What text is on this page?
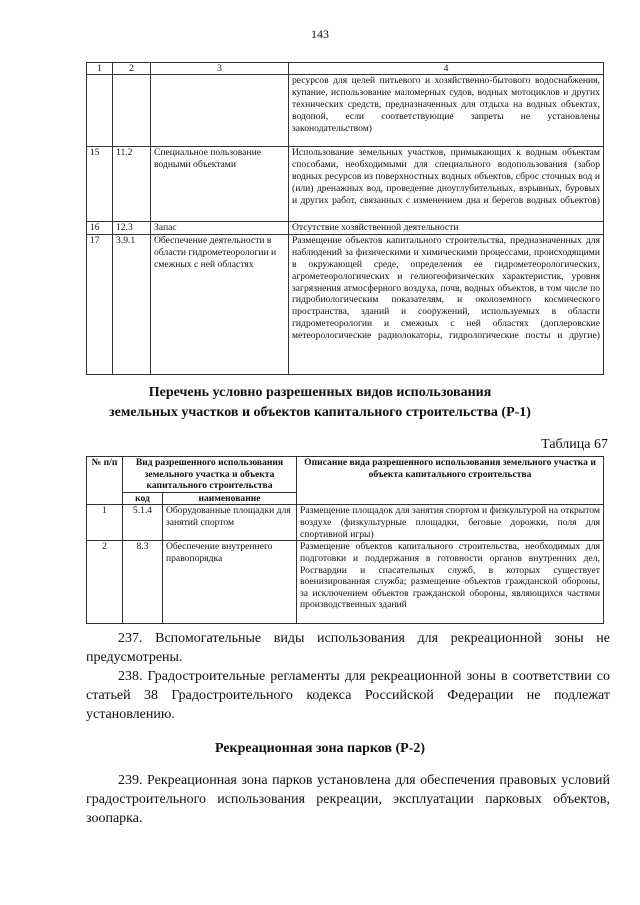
143
1	2	3	4
			ресурсов для целей питьевого и хозяйственно-бытового водоснабжения, купание, использование маломерных судов, водных мотоциклов и других технических средств, предназначенных для отдыха на водных объектах, водопой, если соответствующие запреты не установлены законодательством)
15	11.2	Специальное пользование водными объектами	Использование земельных участков, примыкающих к водным объектам способами, необходимыми для специального водопользования (забор водных ресурсов из поверхностных водных объектов, сброс сточных вод и (или) дренажных вод, проведение дноуглубительных, взрывных, буровых и других работ, связанных с изменением дна и берегов водных объектов)
16	12.3	Запас	Отсутствие хозяйственной деятельности
17	3.9.1	Обеспечение деятельности в области гидрометеорологии и смежных с ней областях	Размещение объектов капитального строительства, предназначенных для наблюдений за физическими и химическими процессами, происходящими в окружающей среде, определения ее гидрометеорологических, агрометеорологических и гелиогеофизических характеристик, уровня загрязнения атмосферного воздуха, почв, водных объектов, в том числе по гидробиологическим показателям, и околоземного космического пространства, зданий и сооружений, используемых в области гидрометеорологии и смежных с ней областях (доплеровские метеорологические радиолокаторы, гидрологические посты и другие)
Перечень условно разрешенных видов использования
земельных участков и объектов капитального строительства (Р-1)
Таблица 67
№ п/п	Вид разрешенного использования земельного участка и объекта капитального строительства		Описание вида разрешенного использования земельного участка и объекта капитального строительства
	код	наименование	
1	5.1.4	Оборудованные площадки для занятий спортом	Размещение площадок для занятия спортом и физкультурой на открытом воздухе (физкультурные площадки, беговые дорожки, поля для спортивной игры)
2	8.3	Обеспечение внутреннего правопорядка	Размещение объектов капитального строительства, необходимых для подготовки и поддержания в готовности органов внутренних дел, Росгвардии и спасательных служб, в которых существует военизированная служба; размещение объектов гражданской обороны, за исключением объектов гражданской обороны, являющихся частями производственных зданий
237. Вспомогательные виды использования для рекреационной зоны не предусмотрены.
238. Градостроительные регламенты для рекреационной зоны в соответствии со статьей 38 Градостроительного кодекса Российской Федерации не подлежат установлению.
Рекреационная зона парков (Р-2)
239. Рекреационная зона парков установлена для обеспечения правовых условий градостроительного использования рекреации, эксплуатации парковых объектов, зоопарка.
